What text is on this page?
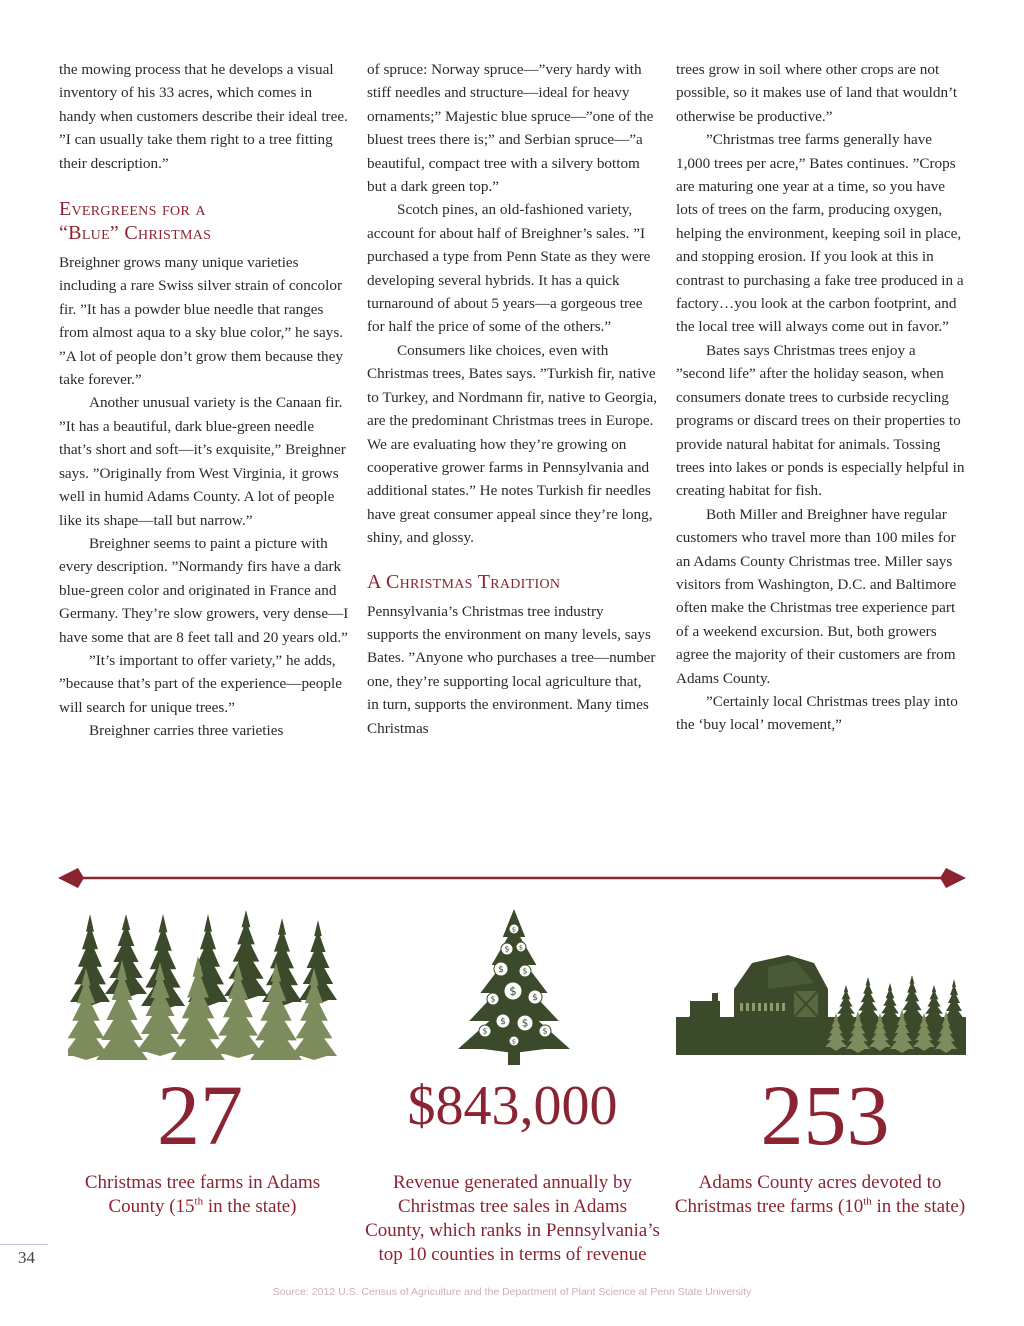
the mowing process that he develops a visual inventory of his 33 acres, which comes in handy when customers describe their ideal tree. ”I can usually take them right to a tree fitting their description.”

Evergreens for a
“Blue” Christmas

Breighner grows many unique varieties including a rare Swiss silver strain of concolor fir. ”It has a powder blue needle that ranges from almost aqua to a sky blue color,” he says. ”A lot of people don’t grow them because they take forever.”

Another unusual variety is the Canaan fir. ”It has a beautiful, dark blue-green needle that’s short and soft—it’s exquisite,” Breighner says. ”Originally from West Virginia, it grows well in humid Adams County. A lot of people like its shape—tall but narrow.”

Breighner seems to paint a picture with every description. ”Normandy firs have a dark blue-green color and originated in France and Germany. They’re slow growers, very dense—I have some that are 8 feet tall and 20 years old.”

”It’s important to offer variety,” he adds, ”because that’s part of the experience—people will search for unique trees.”

Breighner carries three varieties

of spruce: Norway spruce—”very hardy with stiff needles and structure—ideal for heavy ornaments;” Majestic blue spruce—”one of the bluest trees there is;” and Serbian spruce—”a beautiful, compact tree with a silvery bottom but a dark green top.”

Scotch pines, an old-fashioned variety, account for about half of Breighner’s sales. ”I purchased a type from Penn State as they were developing several hybrids. It has a quick turnaround of about 5 years—a gorgeous tree for half the price of some of the others.”

Consumers like choices, even with Christmas trees, Bates says. ”Turkish fir, native to Turkey, and Nordmann fir, native to Georgia, are the predominant Christmas trees in Europe. We are evaluating how they’re growing on cooperative grower farms in Pennsylvania and additional states.” He notes Turkish fir needles have great consumer appeal since they’re long, shiny, and glossy.

A Christmas Tradition

Pennsylvania’s Christmas tree industry supports the environment on many levels, says Bates. ”Anyone who purchases a tree—number one, they’re supporting local agriculture that, in turn, supports the environment. Many times Christmas

trees grow in soil where other crops are not possible, so it makes use of land that wouldn’t otherwise be productive.”

”Christmas tree farms generally have 1,000 trees per acre,” Bates continues. ”Crops are maturing one year at a time, so you have lots of trees on the farm, producing oxygen, helping the environment, keeping soil in place, and stopping erosion. If you look at this in contrast to purchasing a fake tree produced in a factory…you look at the carbon footprint, and the local tree will always come out in favor.”

Bates says Christmas trees enjoy a ”second life” after the holiday season, when consumers donate trees to curbside recycling programs or discard trees on their properties to provide natural habitat for animals. Tossing trees into lakes or ponds is especially helpful in creating habitat for fish.

Both Miller and Breighner have regular customers who travel more than 100 miles for an Adams County Christmas tree. Miller says visitors from Washington, D.C. and Baltimore often make the Christmas tree experience part of a weekend excursion. But, both growers agree the majority of their customers are from Adams County.

”Certainly local Christmas trees play into the ‘buy local’ movement,”

$
$ $
$ $
$
$	$
$ $
$	$
$
27
Christmas tree farms in Adams
County (15th in the state)
$843,000
Revenue generated annually by
Christmas tree sales in Adams
County, which ranks in Pennsylvania’s
top 10 counties in terms of revenue
253
Adams County acres devoted to
Christmas tree farms (10th in the state)
34
Source: 2012 U.S. Census of Agriculture and the Department of Plant Science at Penn State University
